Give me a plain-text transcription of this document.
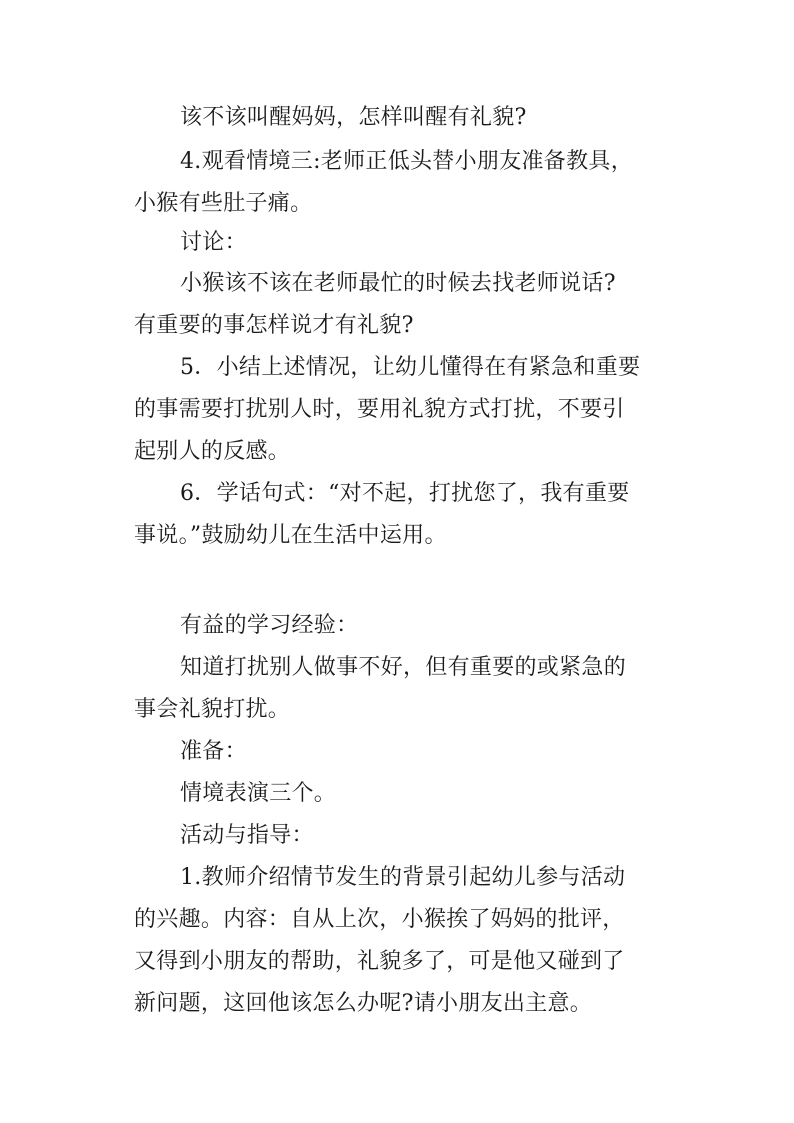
该不该叫醒妈妈，怎样叫醒有礼貌?
4.观看情境三:老师正低头替小朋友准备教具，
小猴有些肚子痛。
讨论：
小猴该不该在老师最忙的时候去找老师说话?
有重要的事怎样说才有礼貌?
5．小结上述情况，让幼儿懂得在有紧急和重要
的事需要打扰别人时，要用礼貌方式打扰，不要引
起别人的反感。
6．学话句式：“对不起，打扰您了，我有重要
事说。”鼓励幼儿在生活中运用。
有益的学习经验：
知道打扰别人做事不好，但有重要的或紧急的
事会礼貌打扰。
准备：
情境表演三个。
活动与指导：
1.教师介绍情节发生的背景引起幼儿参与活动
的兴趣。内容：自从上次，小猴挨了妈妈的批评，
又得到小朋友的帮助，礼貌多了，可是他又碰到了
新问题，这回他该怎么办呢?请小朋友出主意。
